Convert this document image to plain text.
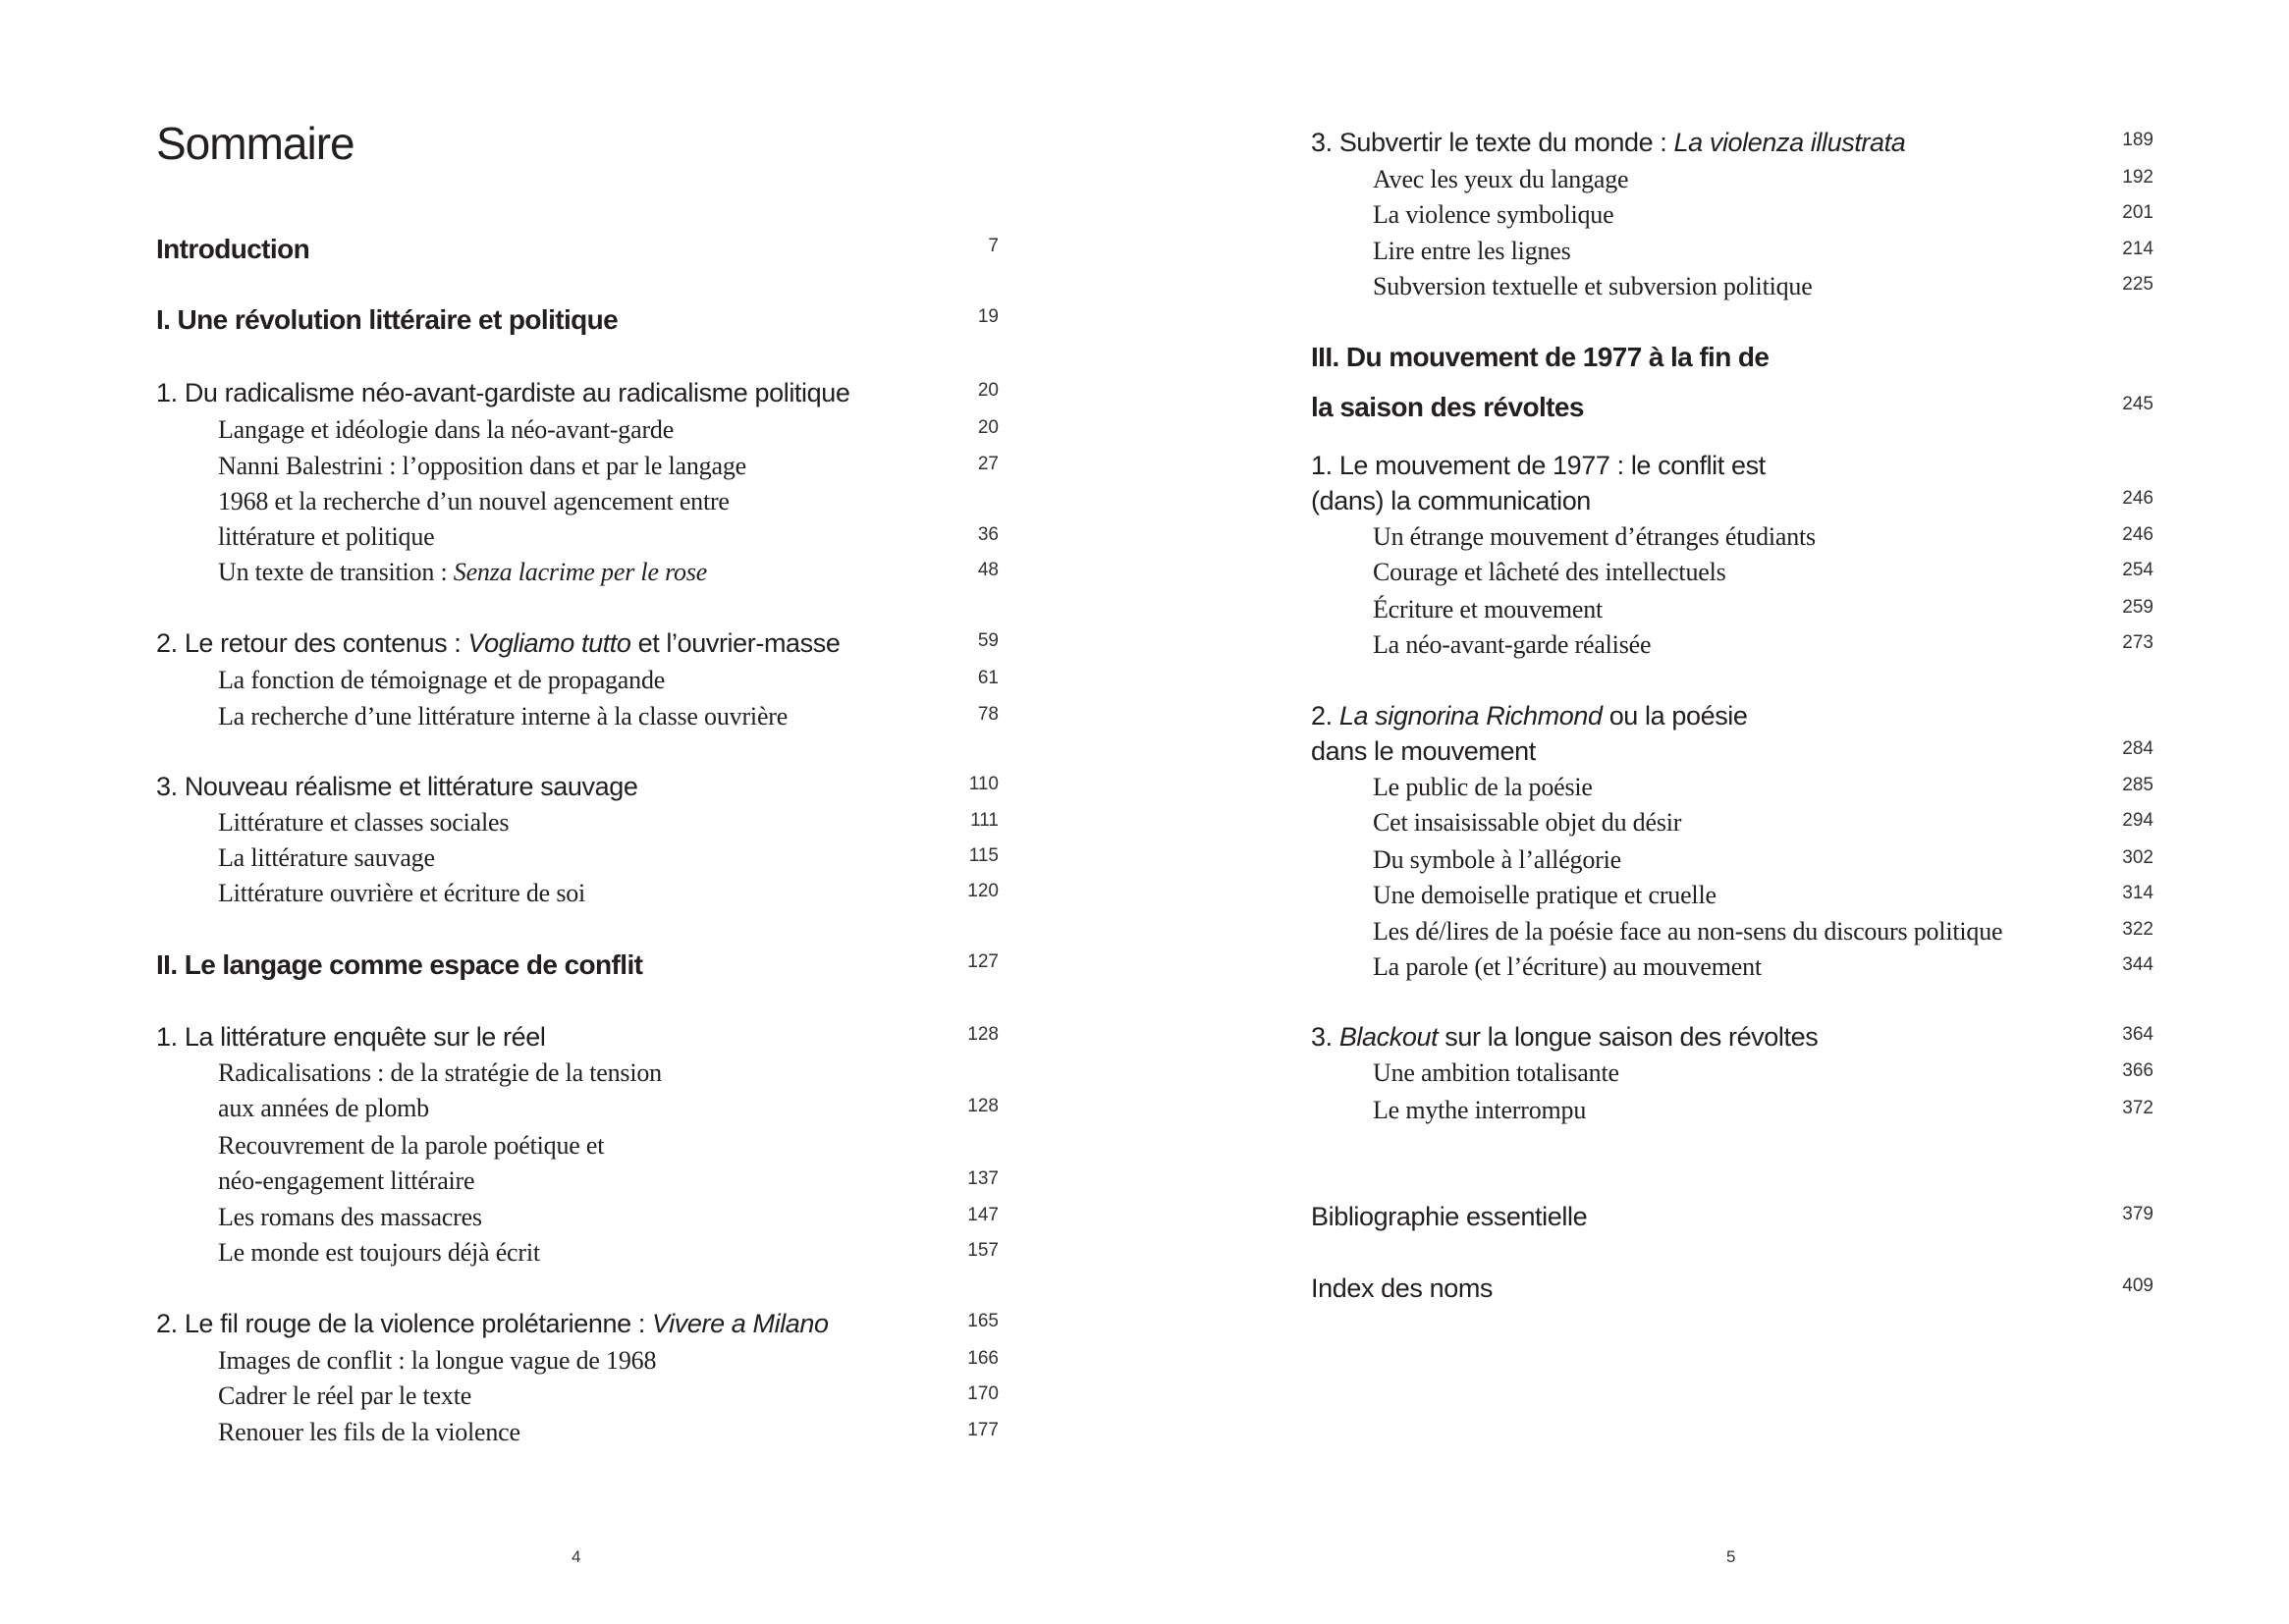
Sommaire
4
Introduction	7
I. Une révolution littéraire et politique	19
1. Du radicalisme néo-avant-gardiste au radicalisme politique	20
Langage et idéologie dans la néo-avant-garde	20
Nanni Balestrini : l’opposition dans et par le langage	27
1968 et la recherche d’un nouvel agencement entre
littérature et politique	36
Un texte de transition : Senza lacrime per le rose	48
2. Le retour des contenus : Vogliamo tutto et l’ouvrier-masse	59
La fonction de témoignage et de propagande	61
La recherche d’une littérature interne à la classe ouvrière	78
3. Nouveau réalisme et littérature sauvage	110
Littérature et classes sociales	111
La littérature sauvage	115
Littérature ouvrière et écriture de soi	120
II. Le langage comme espace de conflit	127
1. La littérature enquête sur le réel	128
Radicalisations : de la stratégie de la tension
aux années de plomb	128
Recouvrement de la parole poétique et
néo-engagement littéraire	137
Les romans des massacres	147
Le monde est toujours déjà écrit	157
2. Le fil rouge de la violence prolétarienne : Vivere a Milano	165
Images de conflit : la longue vague de 1968	166
Cadrer le réel par le texte	170
Renouer les fils de la violence	177
5
3. Subvertir le texte du monde : La violenza illustrata	189
Avec les yeux du langage	192
La violence symbolique	201
Lire entre les lignes	214
Subversion textuelle et subversion politique	225
III. Du mouvement de 1977 à la fin de
la saison des révoltes	245
1. Le mouvement de 1977 : le conflit est
(dans) la communication	246
Un étrange mouvement d’étranges étudiants	246
Courage et lâcheté des intellectuels	254
Écriture et mouvement	259
La néo-avant-garde réalisée	273
2. La signorina Richmond ou la poésie
dans le mouvement	284
Le public de la poésie	285
Cet insaisissable objet du désir	294
Du symbole à l’allégorie	302
Une demoiselle pratique et cruelle	314
Les dé/lires de la poésie face au non-sens du discours politique	322
La parole (et l’écriture) au mouvement	344
3. Blackout sur la longue saison des révoltes	364
Une ambition totalisante	366
Le mythe interrompu	372
Bibliographie essentielle	379
Index des noms	409
